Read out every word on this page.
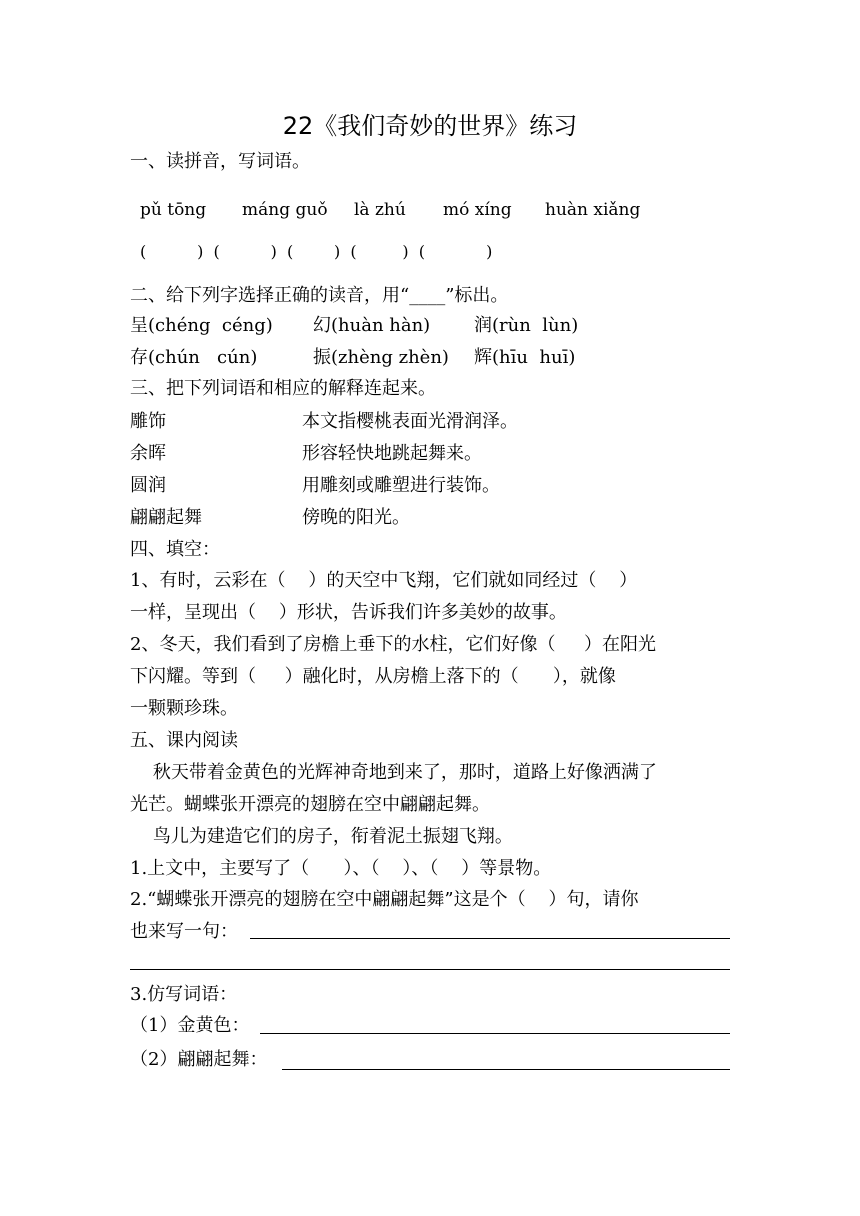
22《我们奇妙的世界》练习
一、读拼音，写词语。
pǔ tōng máng guǒ là zhú mó xíng huàn xiǎng
(          )  (          )  (        )  (         )  (            )
二、给下列字选择正确的读音，用“____”标出。
呈(chéng  céng) 幻(huàn hàn) 润(rùn  lùn)
存(chún   cún)	振(zhèng zhèn) 辉(hīu  huī)
三、把下列词语和相应的解释连起来。
雕饰
余晖
圆润
翩翩起舞
本文指樱桃表面光滑润泽。
形容轻快地跳起舞来。
用雕刻或雕塑进行装饰。
傍晚的阳光。
四、填空：
1、有时，云彩在（    ）的天空中飞翔，它们就如同经过（    ）
一样，呈现出（    ）形状，告诉我们许多美妙的故事。
2、冬天，我们看到了房檐上垂下的水柱，它们好像（     ）在阳光
下闪耀。等到（     ）融化时，从房檐上落下的（      ），就像
一颗颗珍珠。
五、课内阅读
秋天带着金黄色的光辉神奇地到来了，那时，道路上好像洒满了
光芒。蝴蝶张开漂亮的翅膀在空中翩翩起舞。
鸟儿为建造它们的房子，衔着泥土振翅飞翔。
1.上文中，主要写了（      ）、（    ）、（    ）等景物。
2.“蝴蝶张开漂亮的翅膀在空中翩翩起舞”这是个（    ）句，请你
也来写一句：
3.仿写词语：
（1）金黄色：
（2）翩翩起舞：
